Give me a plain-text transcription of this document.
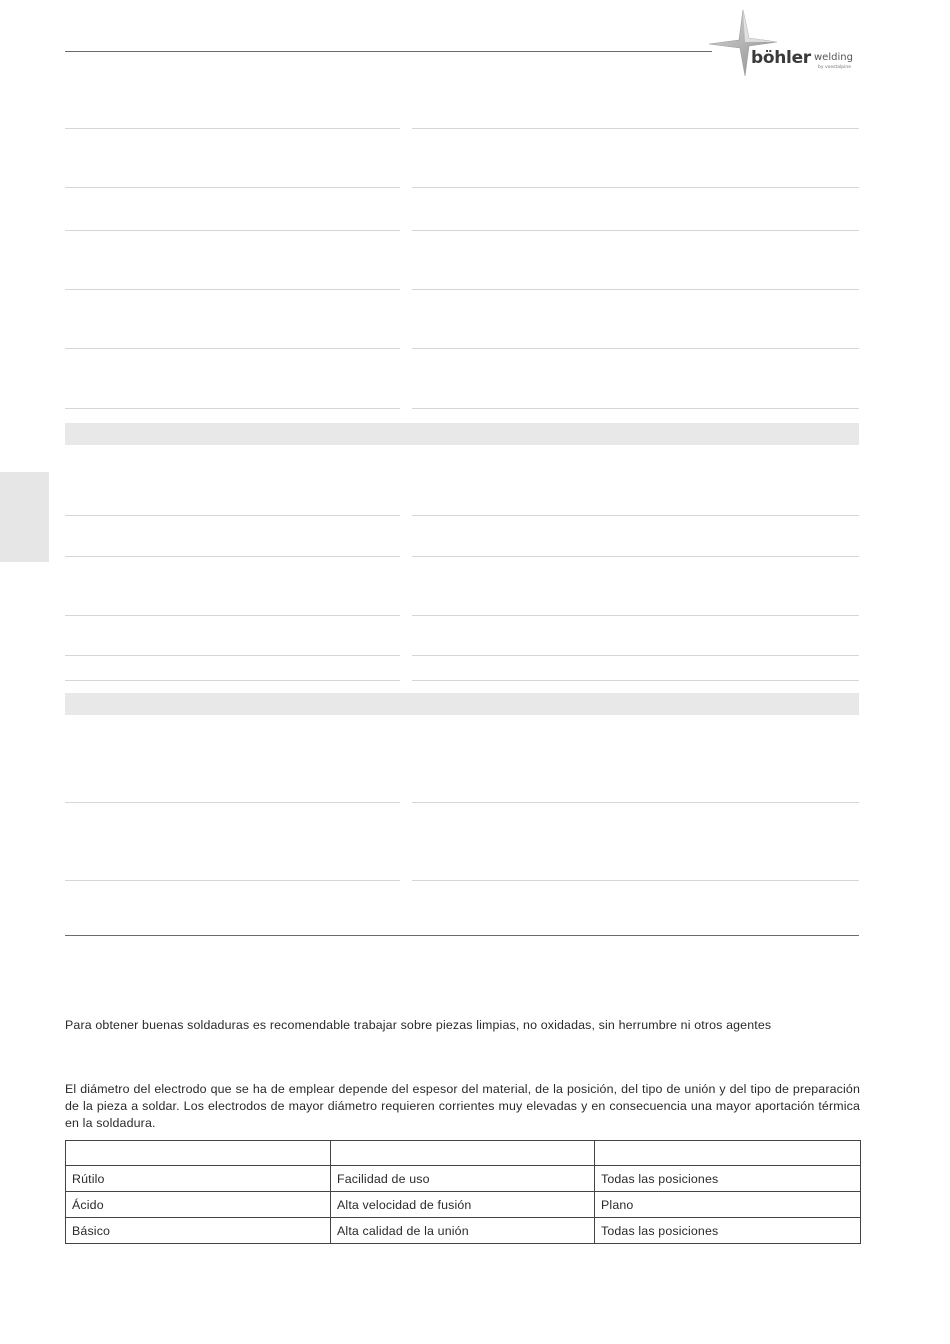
böhler welding
by voestalpine
Para obtener buenas soldaduras es recomendable trabajar sobre piezas limpias, no oxidadas, sin herrumbre ni otros agentes
El diámetro del electrodo que se ha de emplear depende del espesor del material, de la posición, del tipo de unión y del tipo de preparación de la pieza a soldar. Los electrodos de mayor diámetro requieren corrientes muy elevadas y en consecuencia una mayor aportación térmica en la soldadura.

Rútilo	Facilidad de uso	Todas las posiciones
Ácido	Alta velocidad de fusión	Plano
Básico	Alta calidad de la unión	Todas las posiciones
